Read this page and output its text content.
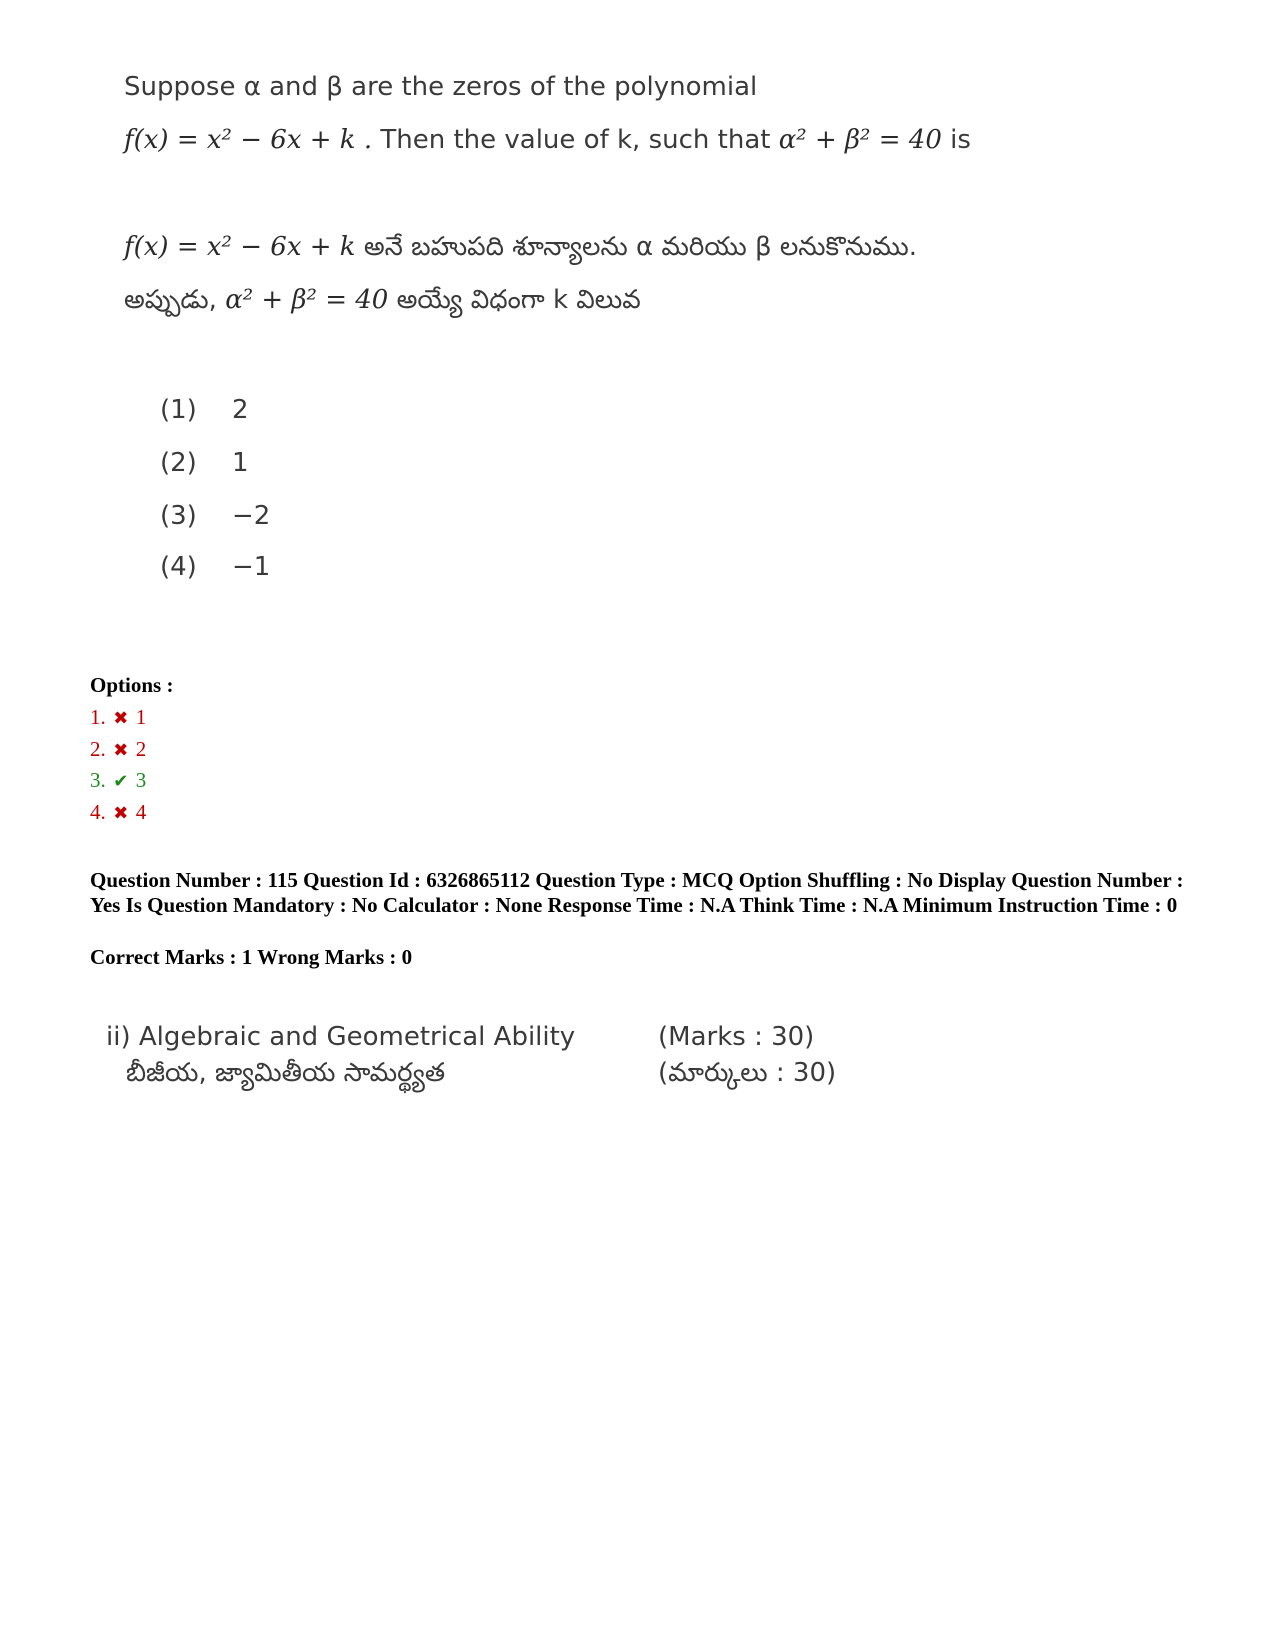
Suppose α and β are the zeros of the polynomial
f(x) = x² − 6x + k . Then the value of k, such that α² + β² = 40 is
f(x) = x² − 6x + k అనే బహుపది శూన్యాలను α మరియు β లనుకొనుము.
అప్పుడు, α² + β² = 40 అయ్యే విధంగా k విలువ
(1) 2
(2) 1
(3) −2
(4) −1
Options :
1. ✖ 1
2. ✖ 2
3. ✔ 3
4. ✖ 4
Question Number : 115 Question Id : 6326865112 Question Type : MCQ Option Shuffling : No Display Question Number : Yes Is Question Mandatory : No Calculator : None Response Time : N.A Think Time : N.A Minimum Instruction Time : 0
Correct Marks : 1 Wrong Marks : 0
ii) Algebraic and Geometrical Ability
బీజీయ, జ్యామితీయ సామర్థ్యత
(Marks : 30)
(మార్కులు : 30)
